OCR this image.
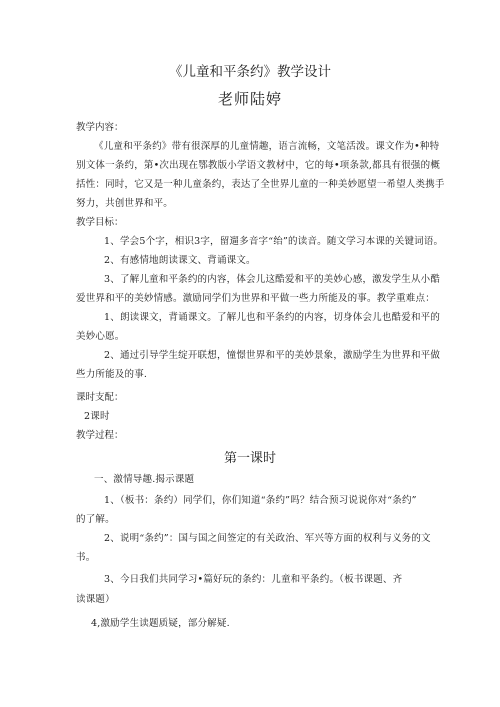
《儿童和平条约》教学设计
老师陆婷
教学内容：
《儿童和平条约》带有很深厚的儿童情趣，语言流畅，文笔活泼。课文作为•种特
别文体一条约，第•次出现在鄂教版小学语文教材中，它的每•项条款,都具有很强的概
括性：同时，它又是一种儿童条约，表达了全世界儿童的一种美妙愿望一希望人类携手
努力，共创世界和平。
教学目标：
1、学会5个字，相识3字，留遛多音字“绐”的读音。随文学习本课的关键词语。
2、有感情地朗读课文、背诵课文。
3、了解儿童和平条约的内容，体会儿这酷爱和平的美妙心感，激发学生从小酷
爱世界和平的美妙情感。激励同学们为世界和平做一些力所能及的事。教学重难点：
1、朗读课文，背诵课文。了解儿也和平条约的内容，切身体会儿也酷爱和平的
美妙心愿。
2、通过引导学生绽开联想，憧憬世界和平的美妙景象，激励学生为世界和平做
些力所能及的事.
课时支配：
2课时
教学过程：
第一课时
一、激情导趣.揭示课题
1、（板书：条约）同学们，你们知道“条约”吗？结合预习说说你对“条约”
的了解。
2、说明“条约”：国与国之间签定的有关政治、军兴等方面的权利与义务的文
书。
3、今日我们共同学习•篇好玩的条约：儿童和平条约。（板书课题、齐
读课题）
4,激励学生读题质疑，部分解疑.
